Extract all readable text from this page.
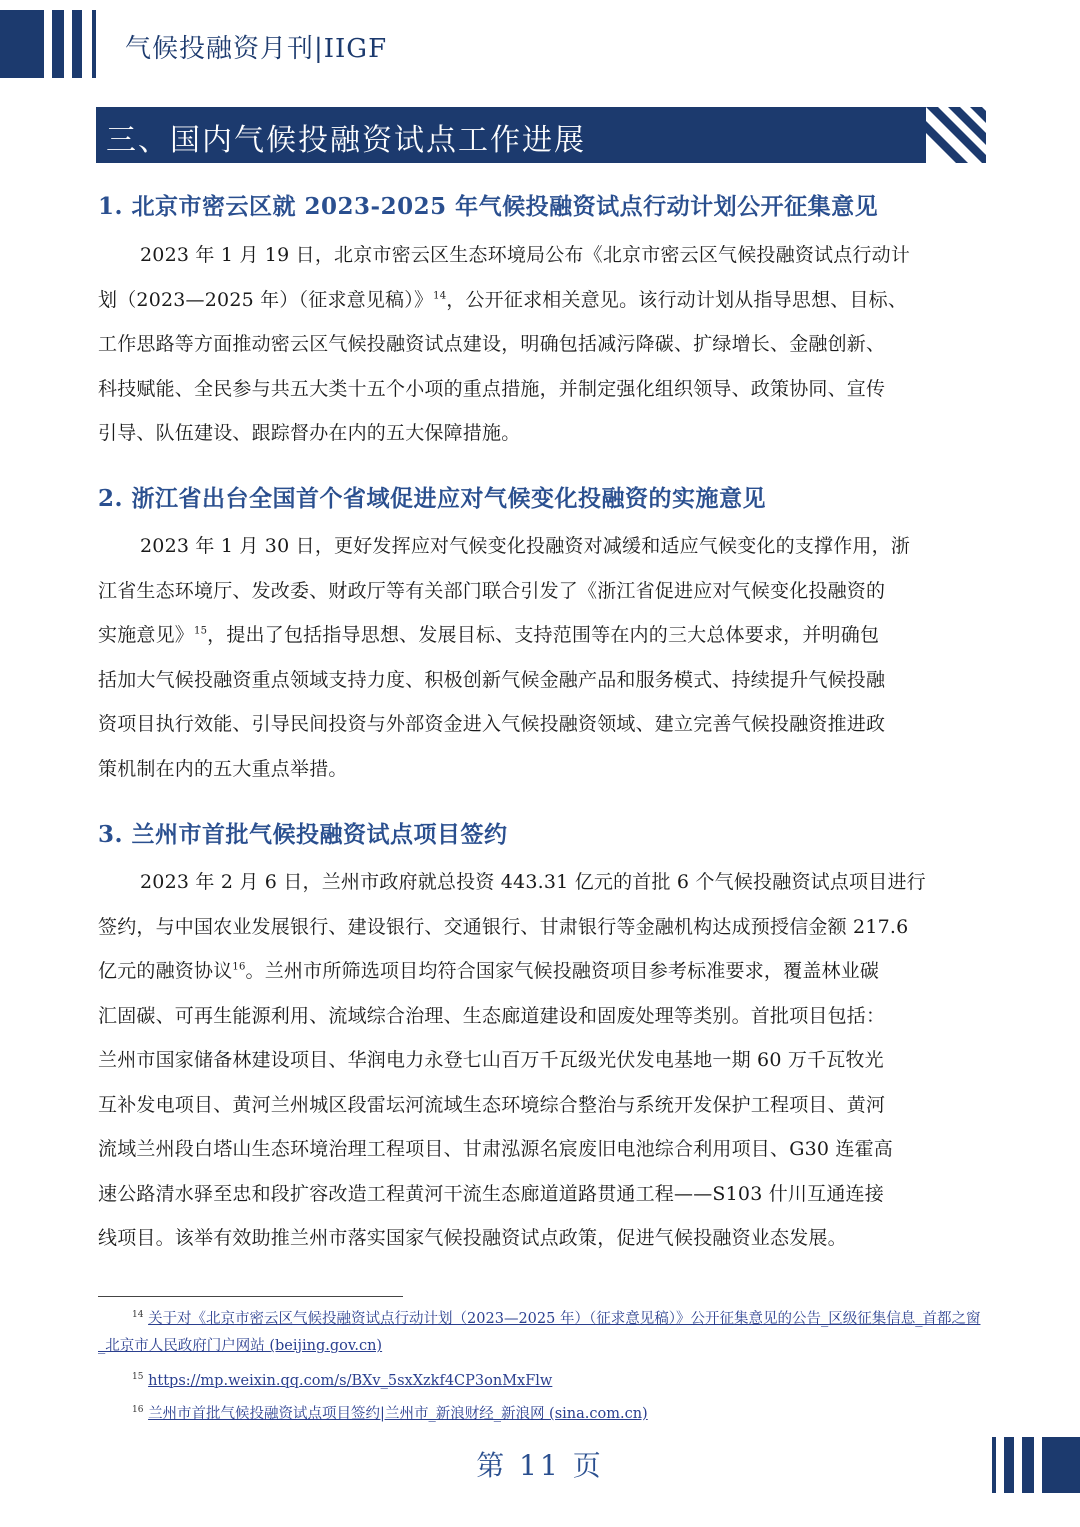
气候投融资月刊|IIGF
三、国内气候投融资试点工作进展
1. 北京市密云区就 2023-2025 年气候投融资试点行动计划公开征集意见
2023 年 1 月 19 日，北京市密云区生态环境局公布《北京市密云区气候投融资试点行动计
划（2023—2025 年）（征求意见稿）》$^{14}$，公开征求相关意见。该行动计划从指导思想、目标、
工作思路等方面推动密云区气候投融资试点建设，明确包括减污降碳、扩绿增长、金融创新、
科技赋能、全民参与共五大类十五个小项的重点措施，并制定强化组织领导、政策协同、宣传
引导、队伍建设、跟踪督办在内的五大保障措施。
2. 浙江省出台全国首个省域促进应对气候变化投融资的实施意见
2023 年 1 月 30 日，更好发挥应对气候变化投融资对减缓和适应气候变化的支撑作用，浙
江省生态环境厅、发改委、财政厅等有关部门联合引发了《浙江省促进应对气候变化投融资的
实施意见》$^{15}$，提出了包括指导思想、发展目标、支持范围等在内的三大总体要求，并明确包
括加大气候投融资重点领域支持力度、积极创新气候金融产品和服务模式、持续提升气候投融
资项目执行效能、引导民间投资与外部资金进入气候投融资领域、建立完善气候投融资推进政
策机制在内的五大重点举措。
3. 兰州市首批气候投融资试点项目签约
2023 年 2 月 6 日，兰州市政府就总投资 443.31 亿元的首批 6 个气候投融资试点项目进行
签约，与中国农业发展银行、建设银行、交通银行、甘肃银行等金融机构达成预授信金额 217.6
亿元的融资协议$^{16}$。兰州市所筛选项目均符合国家气候投融资项目参考标准要求，覆盖林业碳
汇固碳、可再生能源利用、流域综合治理、生态廊道建设和固废处理等类别。首批项目包括：
兰州市国家储备林建设项目、华润电力永登七山百万千瓦级光伏发电基地一期 60 万千瓦牧光
互补发电项目、黄河兰州城区段雷坛河流域生态环境综合整治与系统开发保护工程项目、黄河
流域兰州段白塔山生态环境治理工程项目、甘肃泓源名宸废旧电池综合利用项目、G30 连霍高
速公路清水驿至忠和段扩容改造工程黄河干流生态廊道道路贯通工程——S103 什川互通连接
线项目。该举有效助推兰州市落实国家气候投融资试点政策，促进气候投融资业态发展。
$^{14}$ 关于对《北京市密云区气候投融资试点行动计划（2023—2025 年）（征求意见稿）》公开征集意见的公告_区级征集信息_首都之窗_北京市人民政府门户网站 (beijing.gov.cn)
$^{15}$ https://mp.weixin.qq.com/s/BXv_5sxXzkf4CP3onMxFlw
$^{16}$ 兰州市首批气候投融资试点项目签约|兰州市_新浪财经_新浪网 (sina.com.cn)
第 11 页
